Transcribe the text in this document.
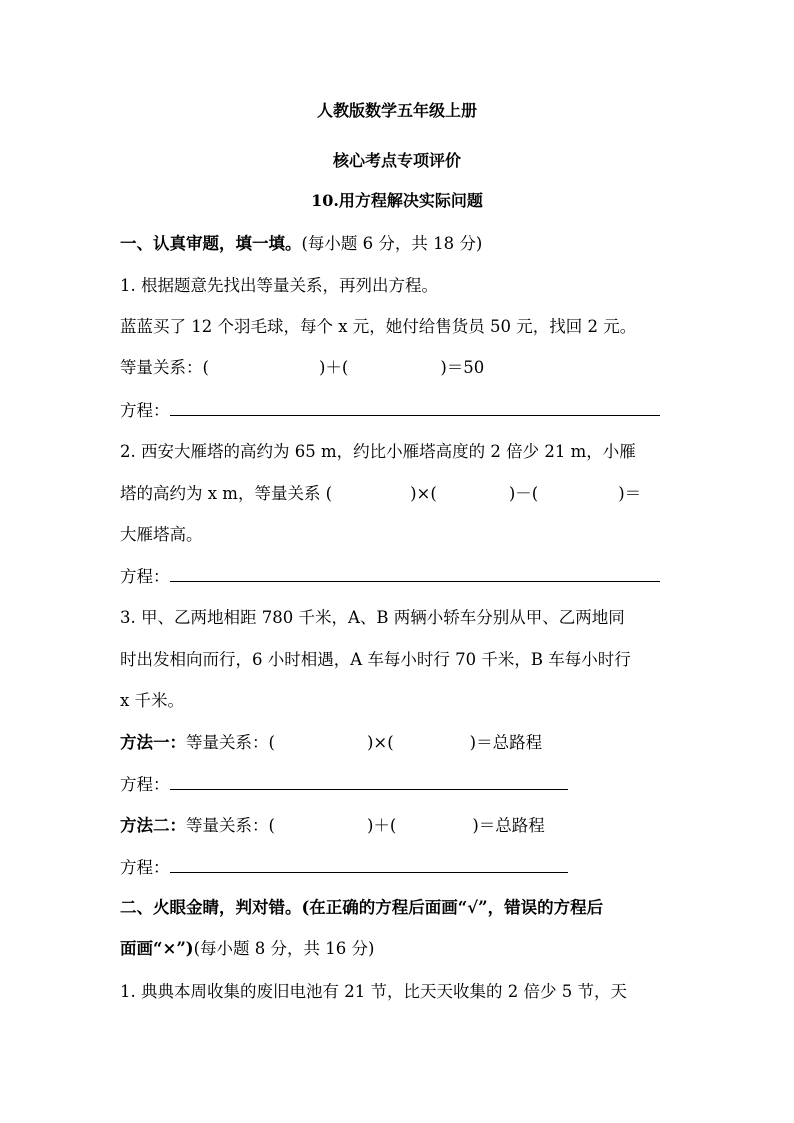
人教版数学五年级上册
核心考点专项评价
10.用方程解决实际问题
一、认真审题，填一填。(每小题 6 分，共 18 分)
1. 根据题意先找出等量关系，再列出方程。
蓝蓝买了 12 个羽毛球，每个 x 元，她付给售货员 50 元，找回 2 元。
等量关系：(	)＋(	)＝50
方程：
2. 西安大雁塔的高约为 65 m，约比小雁塔高度的 2 倍少 21 m，小雁
塔的高约为 x m，等量关系 (	)×(	)－(	)＝
大雁塔高。
方程：
3. 甲、乙两地相距 780 千米，A、B 两辆小轿车分别从甲、乙两地同
时出发相向而行，6 小时相遇，A 车每小时行 70 千米，B 车每小时行
x 千米。
方法一：等量关系：(	)×(	)＝总路程
方程：
方法二：等量关系：(	)＋(	)＝总路程
方程：
二、火眼金睛，判对错。(在正确的方程后面画“√”，错误的方程后
面画“×”)(每小题 8 分，共 16 分)
1. 典典本周收集的废旧电池有 21 节，比天天收集的 2 倍少 5 节，天
